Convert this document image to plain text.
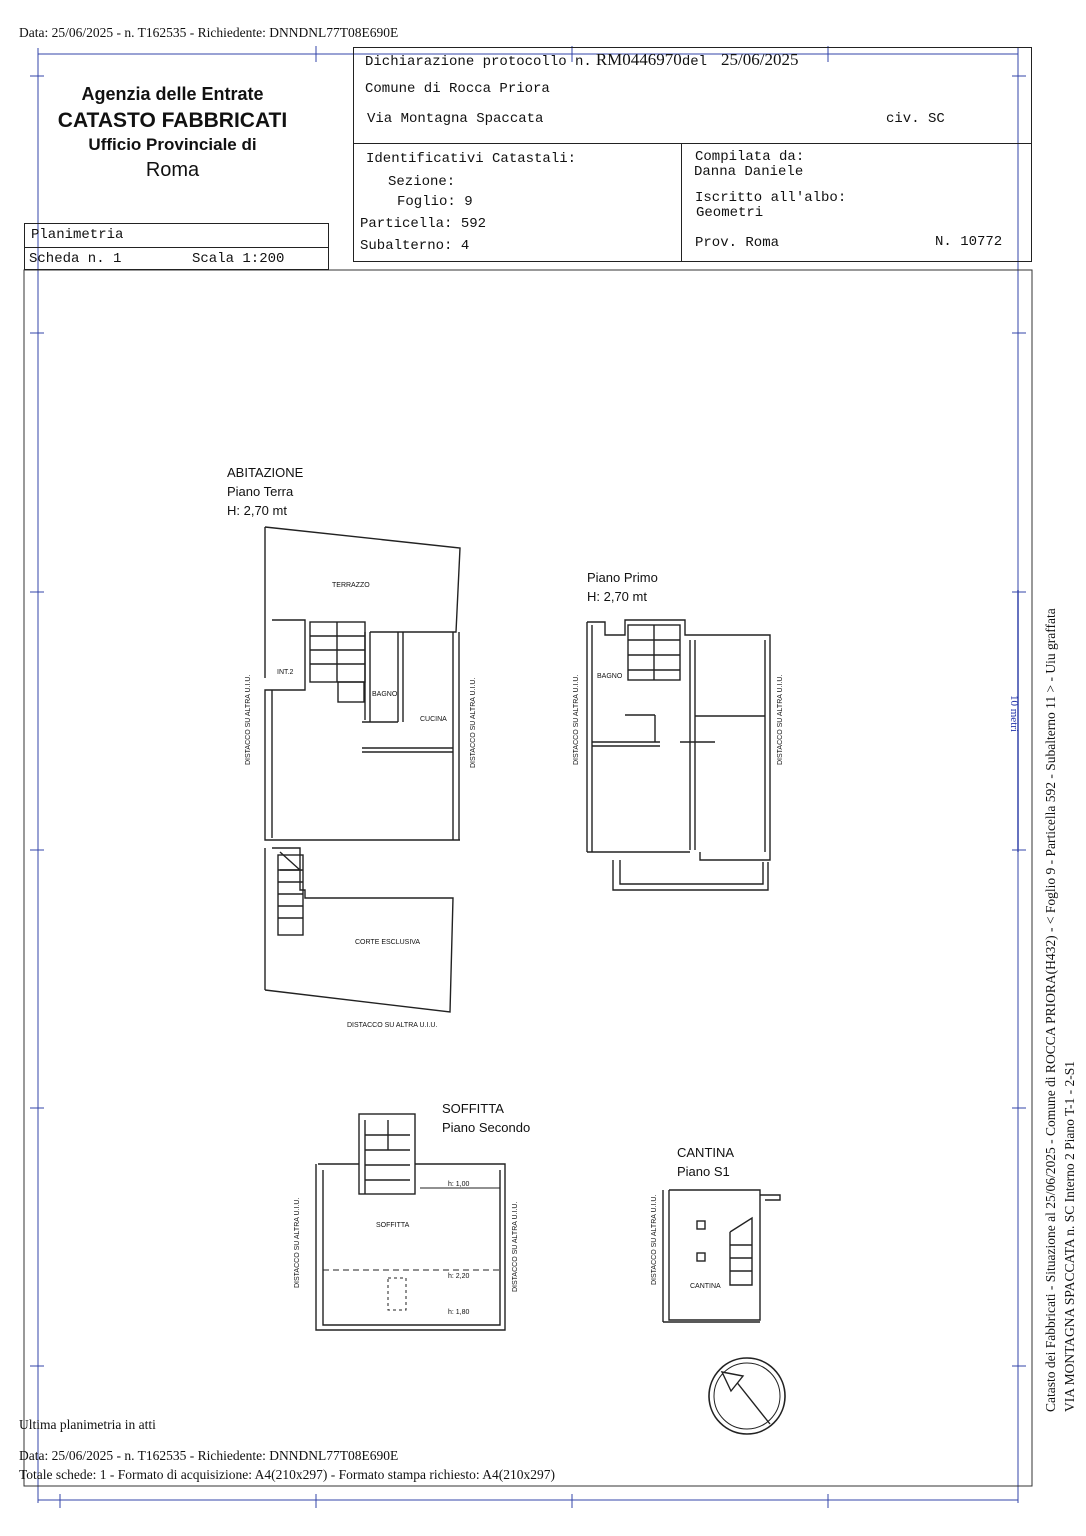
Data: 25/06/2025 - n. T162535 - Richiedente: DNNDNL77T08E690E
Agenzia delle Entrate
CATASTO FABBRICATI
Ufficio Provinciale di
Roma
Planimetria
Scheda n. 1	Scala 1:200
Dichiarazione protocollo n. RM0446970del 25/06/2025
Comune di Rocca Priora
Via Montagna Spaccata	civ. SC
Identificativi Catastali:
Sezione:
Foglio: 9
Particella: 592
Subalterno: 4
Compilata da:
Danna Daniele
Iscritto all'albo:
Geometri
Prov. Roma	N. 10772
ABITAZIONE
Piano Terra
H: 2,70 mt
TERRAZZO
INT.2
BAGNO
CUCINA
CORTE ESCLUSIVA
DISTACCO SU ALTRA U.I.U.
DISTACCO SU ALTRA U.I.U.	DISTACCO SU ALTRA U.I.U.
Piano Primo
H: 2,70 mt
BAGNO
DISTACCO SU ALTRA U.I.U.	DISTACCO SU ALTRA U.I.U.
SOFFITTA
Piano Secondo
SOFFITTA
h: 1,00
h: 2,20
h: 1,80
DISTACCO SU ALTRA U.I.U.	DISTACCO SU ALTRA U.I.U.
CANTINA
Piano S1
CANTINA
DISTACCO SU ALTRA U.I.U.
10 metri Catasto dei Fabbricati - Situazione al 25/06/2025 - Comune di ROCCA PRIORA(H432) - < Foglio 9 - Particella 592 - Subalterno 11 > - Uiu graffata VIA MONTAGNA SPACCATA n. SC Interno 2 Piano T-1 - 2-S1
Ultima planimetria in atti
Data: 25/06/2025 - n. T162535 - Richiedente: DNNDNL77T08E690E
Totale schede: 1 - Formato di acquisizione: A4(210x297) - Formato stampa richiesto: A4(210x297)
